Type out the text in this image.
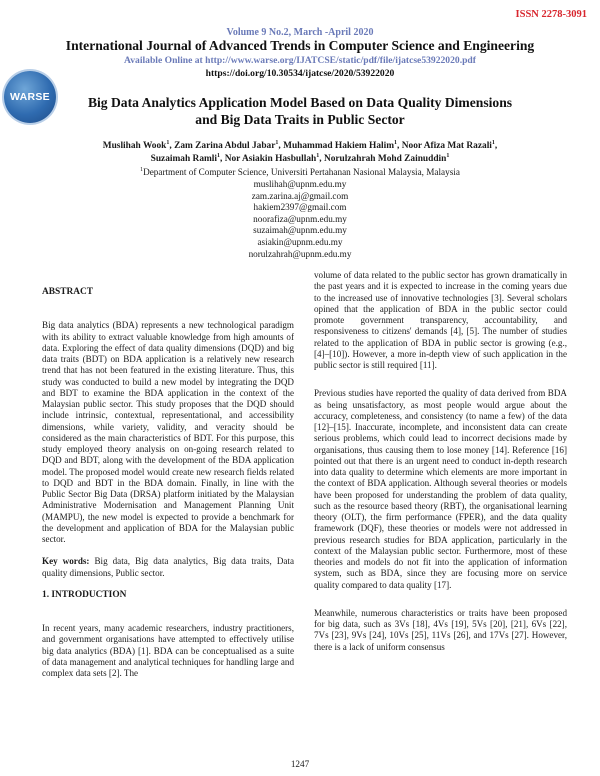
ISSN 2278-3091
Volume 9 No.2, March -April 2020
International Journal of Advanced Trends in Computer Science and Engineering
Available Online at http://www.warse.org/IJATCSE/static/pdf/file/ijatcse53922020.pdf
https://doi.org/10.30534/ijatcse/2020/53922020
WARSE	Big Data Analytics Application Model Based on Data Quality Dimensions and Big Data Traits in Public Sector
Muslihah Wook$^1$, Zam Zarina Abdul Jabar$^1$, Muhammad Hakiem Halim$^1$, Noor Afiza Mat Razali$^1$,
Suzaimah Ramli$^1$, Nor Asiakin Hasbullah$^1$, Norulzahrah Mohd Zainuddin$^1$
$^1$Department of Computer Science, Universiti Pertahanan Nasional Malaysia, Malaysia
muslihah@upnm.edu.my
zam.zarina.aj@gmail.com
hakiem2397@gmail.com
noorafiza@upnm.edu.my
suzaimah@upnm.edu.my
asiakin@upnm.edu.my
norulzahrah@upnm.edu.my

ABSTRACT

Big data analytics (BDA) represents a new technological paradigm with its ability to extract valuable knowledge from high amounts of data. Exploring the effect of data quality dimensions (DQD) and big data traits (BDT) on BDA application is a relatively new research trend that has not been featured in the existing literature. Thus, this study was conducted to build a new model by integrating the DQD and BDT to examine the BDA application in the context of the Malaysian public sector. This study proposes that the DQD should include intrinsic, contextual, representational, and accessibility dimensions, while variety, validity, and veracity should be considered as the main characteristics of BDT. For this purpose, this study employed theory analysis on on-going research related to DQD and BDT, along with the development of the BDA application model. The proposed model would create new research fields related to DQD and BDT in the BDA domain. Finally, in line with the Public Sector Big Data (DRSA) platform initiated by the Malaysian Administrative Modernisation and Management Planning Unit (MAMPU), the new model is expected to provide a benchmark for the development and application of BDA for the Malaysian public sector.

Key words: Big data, Big data analytics, Big data traits, Data quality dimensions, Public sector.

1. INTRODUCTION

In recent years, many academic researchers, industry practitioners, and government organisations have attempted to effectively utilise big data analytics (BDA) [1]. BDA can be conceptualised as a suite of data management and analytical techniques for handling large and complex data sets [2]. The

volume of data related to the public sector has grown dramatically in the past years and it is expected to increase in the coming years due to the increased use of innovative technologies [3]. Several scholars opined that the application of BDA in the public sector could promote government transparency, accountability, and responsiveness to citizens' demands [4], [5]. The number of studies related to the application of BDA in public sector is growing (e.g., [4]–[10]). However, a more in-depth view of such application in the public sector is still required [11].

Previous studies have reported the quality of data derived from BDA as being unsatisfactory, as most people would argue about the accuracy, completeness, and consistency (to name a few) of the data [12]–[15]. Inaccurate, incomplete, and inconsistent data can create serious problems, which could lead to incorrect decisions made by organisations, thus causing them to lose money [14]. Reference [16] pointed out that there is an urgent need to conduct in-depth research into data quality to determine which elements are more important in the context of BDA application. Although several theories or models have been proposed for understanding the problem of data quality, such as the resource based theory (RBT), the organisational learning theory (OLT), the firm performance (FPER), and the data quality framework (DQF), these theories or models were not addressed in previous research studies for BDA application, particularly in the context of the Malaysian public sector. Furthermore, most of these theories and models do not fit into the application of information system, such as BDA, since they are focusing more on service quality compared to data quality [17].

Meanwhile, numerous characteristics or traits have been proposed for big data, such as 3Vs [18], 4Vs [19], 5Vs [20], [21], 6Vs [22], 7Vs [23], 9Vs [24], 10Vs [25], 11Vs [26], and 17Vs [27]. However, there is a lack of uniform consensus

1247
